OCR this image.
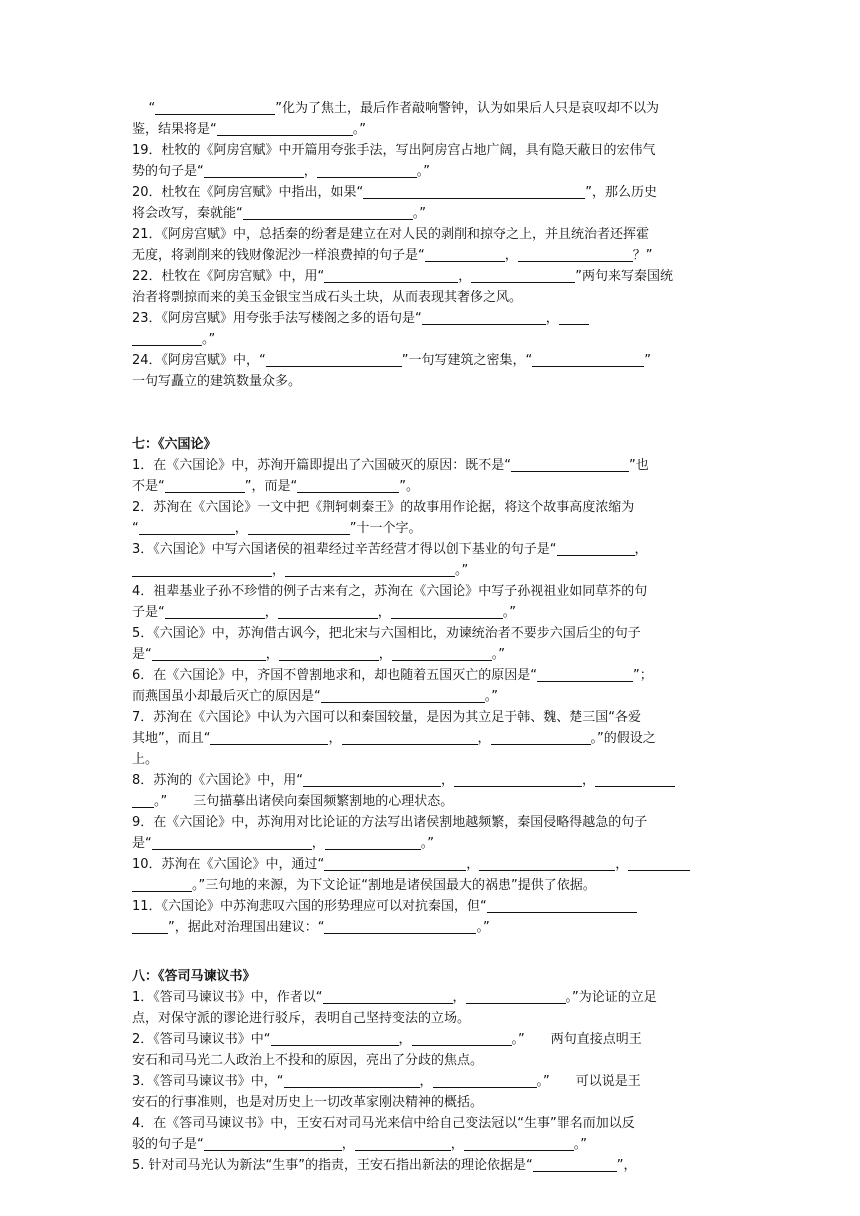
“	”化为了焦土，最后作者敲响警钟，认为如果后人只是哀叹却不以为
鉴，结果将是“	。”
19．杜牧的《阿房宫赋》中开篇用夸张手法，写出阿房宫占地广阔，具有隐天蔽日的宏伟气
势的句子是“	，	。”
20．杜牧在《阿房宫赋》中指出，如果“	”，那么历史
将会改写，秦就能“	。”
21．《阿房宫赋》中，总括秦的纷奢是建立在对人民的剥削和掠夺之上，并且统治者还挥霍
无度，将剥削来的钱财像泥沙一样浪费掉的句子是“	，	？”
22．杜牧在《阿房宫赋》中，用“	，	”两句来写秦国统
治者将剽掠而来的美玉金银宝当成石头土块，从而表现其奢侈之风。
23．《阿房宫赋》用夸张手法写楼阁之多的语句是“	，
。”
24．《阿房宫赋》中，“	”一句写建筑之密集，“	”
一句写矗立的建筑数量众多。
七：《六国论》
1．在《六国论》中，苏洵开篇即提出了六国破灭的原因：既不是“	”也
不是“	”，而是“	”。
2．苏洵在《六国论》一文中把《荆轲刺秦王》的故事用作论据，将这个故事高度浓缩为
“	，	”十一个字。
3．《六国论》中写六国诸侯的祖辈经过辛苦经营才得以创下基业的句子是“	，
，	。”
4．祖辈基业子孙不珍惜的例子古来有之，苏洵在《六国论》中写子孙视祖业如同草芥的句
子是“	，	，	。”
5．《六国论》中，苏洵借古讽今，把北宋与六国相比，劝谏统治者不要步六国后尘的句子
是“	，	，	。”
6．在《六国论》中，齐国不曾割地求和，却也随着五国灭亡的原因是“	”；
而燕国虽小却最后灭亡的原因是“	。”
7．苏洵在《六国论》中认为六国可以和秦国较量，是因为其立足于韩、魏、楚三国“各爱
其地”，而且“	，	，	。”的假设之
上。
8．苏洵的《六国论》中，用“	，	，
。”　　三句描摹出诸侯向秦国频繁割地的心理状态。
9．在《六国论》中，苏洵用对比论证的方法写出诸侯割地越频繁，秦国侵略得越急的句子
是“	，	。”
10．苏洵在《六国论》中，通过“	，	，
。”三句地的来源，为下文论证“割地是诸侯国最大的祸患”提供了依据。
11．《六国论》中苏洵悲叹六国的形势理应可以对抗秦国，但“
”，据此对治理国出建议：“	。”
八：《答司马谏议书》
1．《答司马谏议书》中，作者以“	，	。”为论证的立足
点，对保守派的谬论进行驳斥，表明自己坚持变法的立场。
2．《答司马谏议书》中“	，	。”　　两句直接点明王
安石和司马光二人政治上不投和的原因，亮出了分歧的焦点。
3．《答司马谏议书》中，“	，	。”　　可以说是王
安石的行事准则，也是对历史上一切改革家刚决精神的概括。
4．在《答司马谏议书》中，王安石对司马光来信中给自己变法冠以“生事”罪名而加以反
驳的句子是“	，	，	。”
5. 针对司马光认为新法“生事”的指责，王安石指出新法的理论依据是“	”，
